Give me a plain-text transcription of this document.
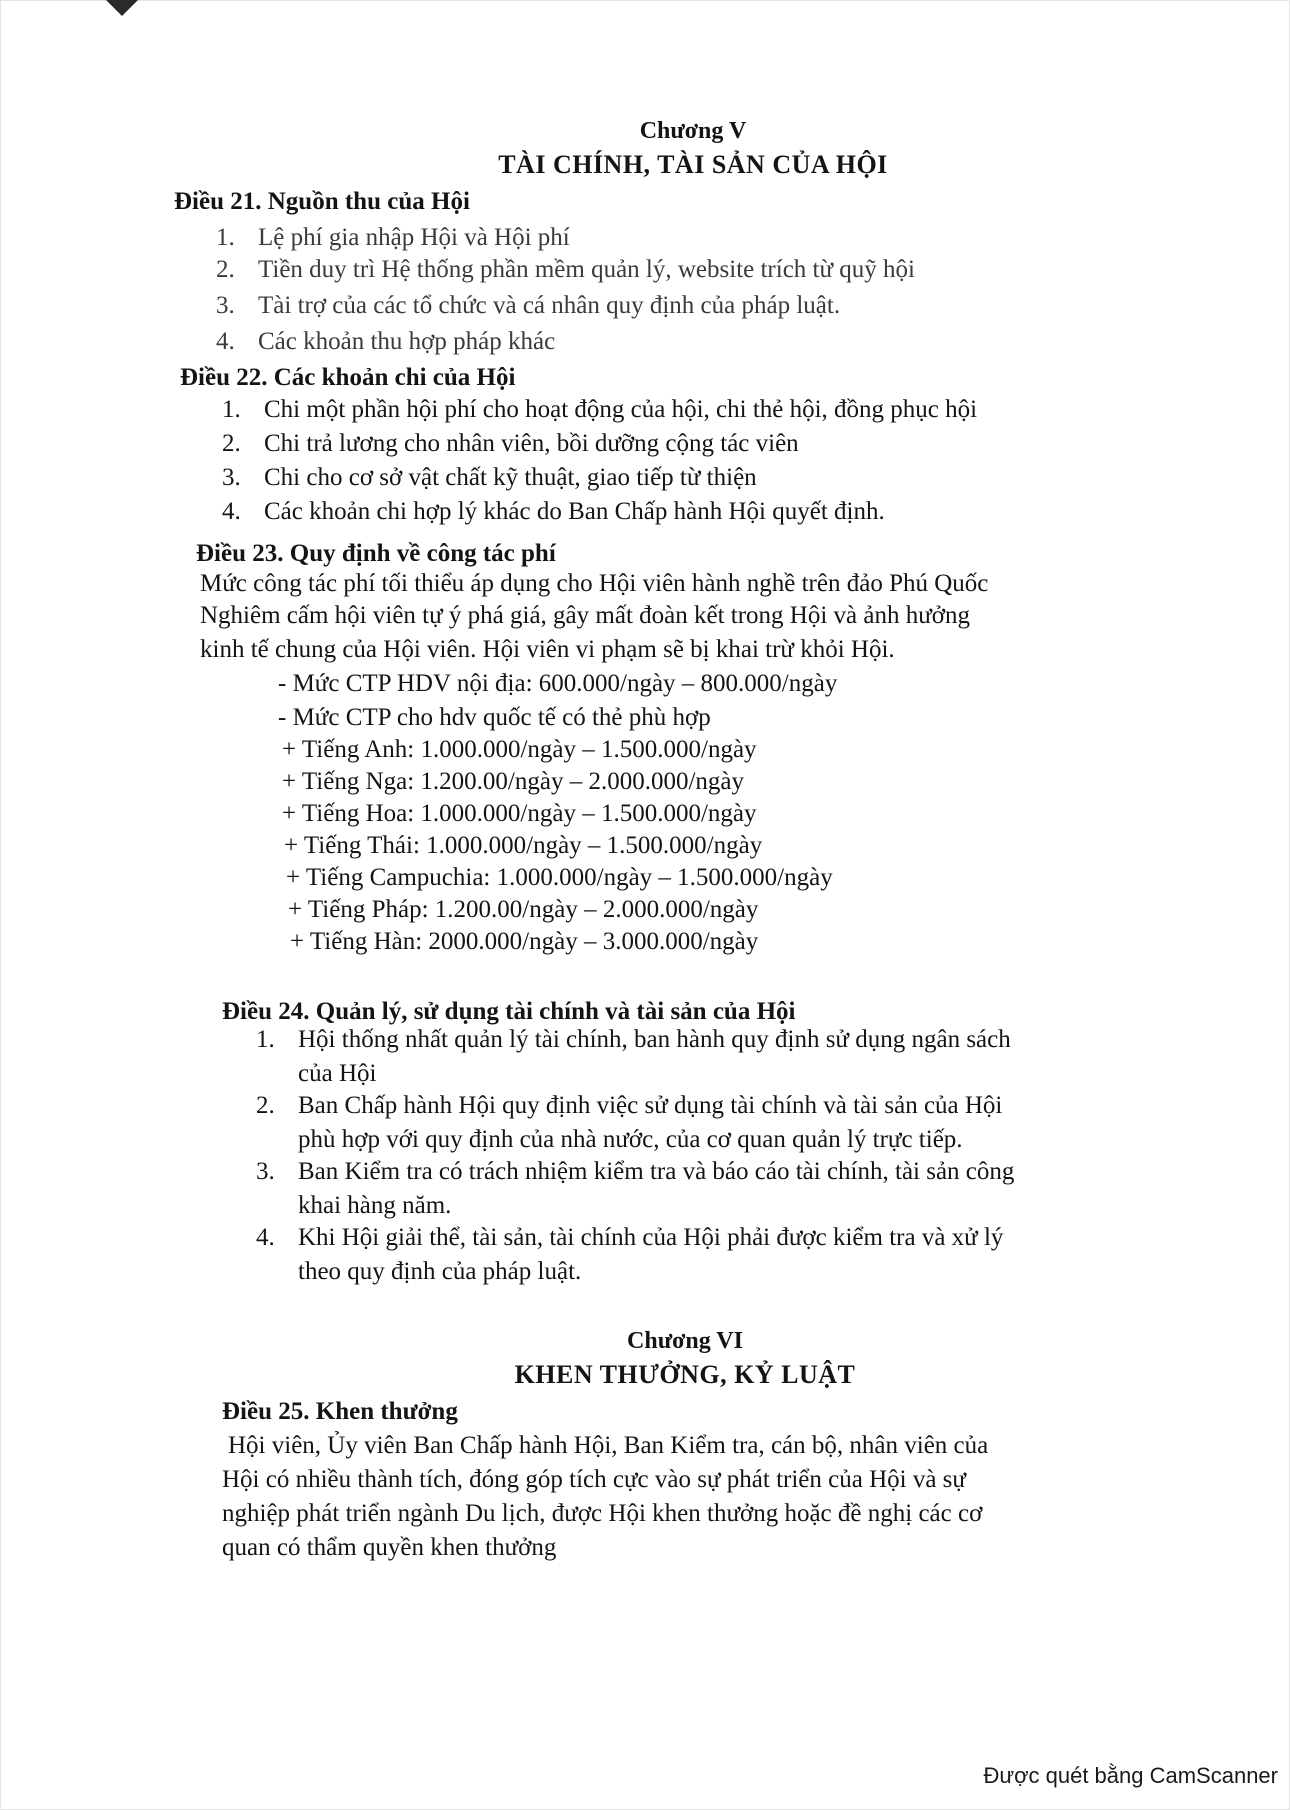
Chương V
TÀI CHÍNH, TÀI SẢN CỦA HỘI
Điều 21. Nguồn thu của Hội
1. Lệ phí gia nhập Hội và Hội phí
2. Tiền duy trì Hệ thống phần mềm quản lý, website trích từ quỹ hội
3. Tài trợ của các tổ chức và cá nhân quy định của pháp luật.
4. Các khoản thu hợp pháp khác
Điều 22. Các khoản chi của Hội
1. Chi một phần hội phí cho hoạt động của hội, chi thẻ hội, đồng phục hội
2. Chi trả lương cho nhân viên, bồi dưỡng cộng tác viên
3. Chi cho cơ sở vật chất kỹ thuật, giao tiếp từ thiện
4. Các khoản chi hợp lý khác do Ban Chấp hành Hội quyết định.
Điều 23. Quy định về công tác phí
Mức công tác phí tối thiểu áp dụng cho Hội viên hành nghề trên đảo Phú Quốc
Nghiêm cấm hội viên tự ý phá giá, gây mất đoàn kết trong Hội và ảnh hưởng
kinh tế chung của Hội viên. Hội viên vi phạm sẽ bị khai trừ khỏi Hội.
- Mức CTP HDV nội địa: 600.000/ngày – 800.000/ngày
- Mức CTP cho hdv quốc tế có thẻ phù hợp
+ Tiếng Anh: 1.000.000/ngày – 1.500.000/ngày
+ Tiếng Nga: 1.200.00/ngày – 2.000.000/ngày
+ Tiếng Hoa: 1.000.000/ngày – 1.500.000/ngày
+ Tiếng Thái: 1.000.000/ngày – 1.500.000/ngày
+ Tiếng Campuchia: 1.000.000/ngày – 1.500.000/ngày
+ Tiếng Pháp: 1.200.00/ngày – 2.000.000/ngày
+ Tiếng Hàn: 2000.000/ngày – 3.000.000/ngày
Điều 24. Quản lý, sử dụng tài chính và tài sản của Hội
1. Hội thống nhất quản lý tài chính, ban hành quy định sử dụng ngân sách
của Hội
2. Ban Chấp hành Hội quy định việc sử dụng tài chính và tài sản của Hội
phù hợp với quy định của nhà nước, của cơ quan quản lý trực tiếp.
3. Ban Kiểm tra có trách nhiệm kiểm tra và báo cáo tài chính, tài sản công
khai hàng năm.
4. Khi Hội giải thể, tài sản, tài chính của Hội phải được kiểm tra và xử lý
theo quy định của pháp luật.
Chương VI
KHEN THƯỞNG, KỶ LUẬT
Điều 25. Khen thưởng
Hội viên, Ủy viên Ban Chấp hành Hội, Ban Kiểm tra, cán bộ, nhân viên của
Hội có nhiều thành tích, đóng góp tích cực vào sự phát triển của Hội và sự
nghiệp phát triển ngành Du lịch, được Hội khen thưởng hoặc đề nghị các cơ
quan có thẩm quyền khen thưởng
Được quét bằng CamScanner
